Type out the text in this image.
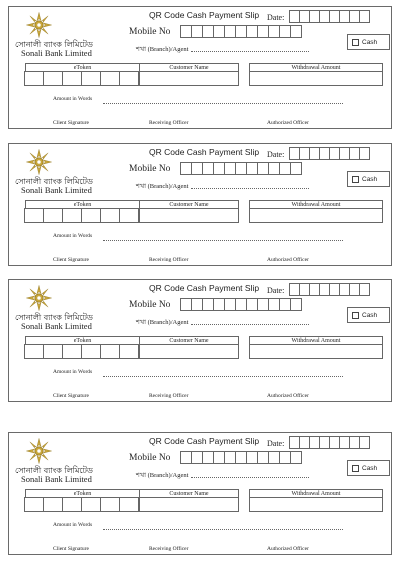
সোনালী ব্যাংক লিমিটেড
Sonali Bank Limited
QR Code Cash Payment Slip Date:
Mobile No
শখা (Branch)/Agent
Cash
eToken	Customer Name	Withdrawal Amount
Amount in Words
Client Signature	Receiving Officer	Authorized Officer
সোনালী ব্যাংক লিমিটেড
Sonali Bank Limited
QR Code Cash Payment Slip Date:
Mobile No
শখা (Branch)/Agent
Cash
eToken	Customer Name	Withdrawal Amount
Amount in Words
Client Signature	Receiving Officer	Authorized Officer
সোনালী ব্যাংক লিমিটেড
Sonali Bank Limited
QR Code Cash Payment Slip Date:
Mobile No
শখা (Branch)/Agent
Cash
eToken	Customer Name	Withdrawal Amount
Amount in Words
Client Signature	Receiving Officer	Authorized Officer
সোনালী ব্যাংক লিমিটেড
Sonali Bank Limited
QR Code Cash Payment Slip Date:
Mobile No
শখা (Branch)/Agent
Cash
eToken	Customer Name	Withdrawal Amount
Amount in Words
Client Signature	Receiving Officer	Authorized Officer
